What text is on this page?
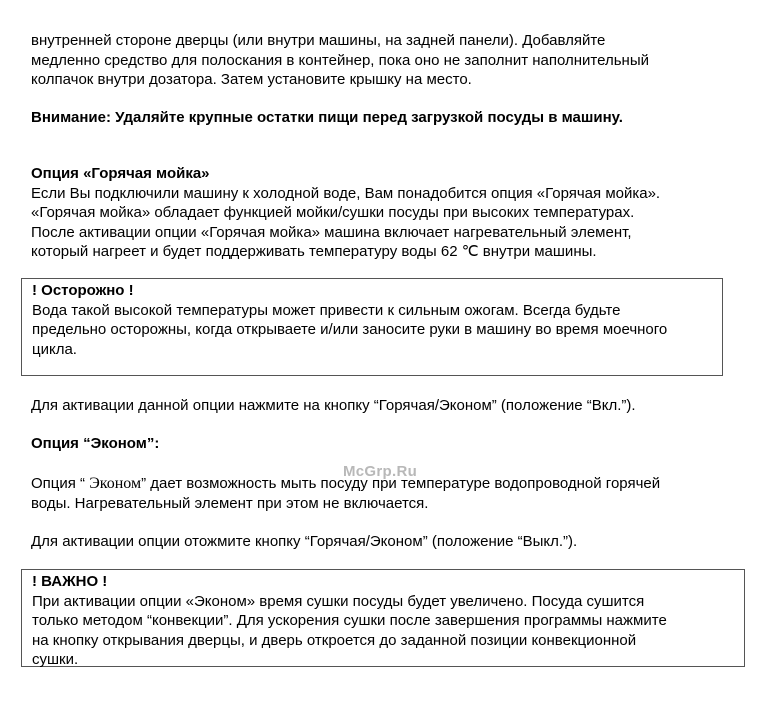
внутренней стороне дверцы (или внутри машины, на задней панели). Добавляйте

медленно средство для полоскания в контейнер, пока оно не заполнит наполнительный

колпачок внутри дозатора. Затем установите крышку на место.

Внимание: Удаляйте крупные остатки пищи перед загрузкой посуды в машину.

Опция «Горячая мойка»

Если Вы подключили машину к холодной воде, Вам понадобится опция «Горячая мойка».

«Горячая мойка» обладает функцией мойки/сушки посуды при высоких температурах.

После активации опции «Горячая мойка» машина включает нагревательный элемент,

который нагреет и будет поддерживать температуру воды 62 ℃ внутри машины.

! Осторожно !

Вода такой высокой температуры может привести к сильным ожогам. Всегда будьте

предельно осторожны, когда открываете и/или заносите руки в машину во время моечного

цикла.

Для активации данной опции нажмите на кнопку “Горячая/Эконом” (положение “Вкл.”).

Опция “Эконом”:

Опция “ Эконом” дает возможность мыть посуду при температуре водопроводной горячей

воды. Нагревательный элемент при этом не включается.

Для активации опции отожмите кнопку “Горячая/Эконом” (положение “Выкл.”).

! ВАЖНО !

При активации опции «Эконом» время сушки посуды будет увеличено. Посуда сушится

только методом “конвекции”. Для ускорения сушки после завершения программы нажмите

на кнопку открывания дверцы, и дверь откроется до заданной позиции конвекционной

сушки.

McGrp.Ru
